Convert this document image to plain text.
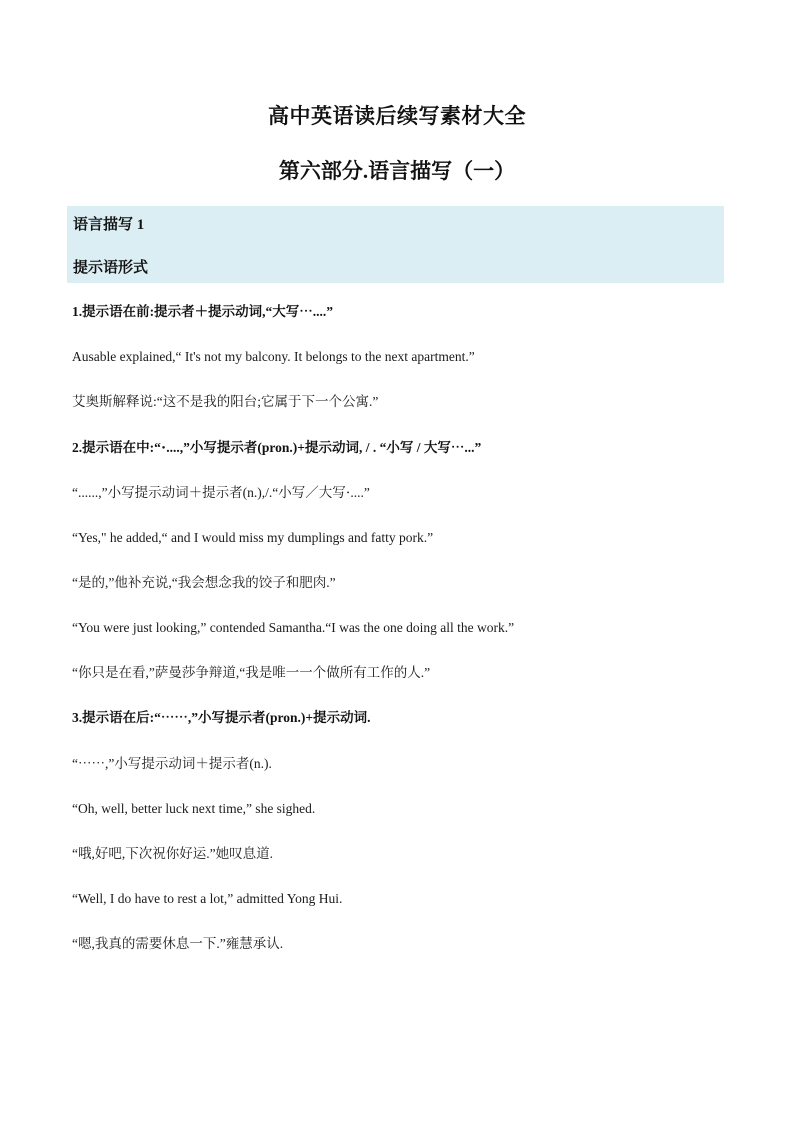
高中英语读后续写素材大全
第六部分.语言描写（一）
语言描写 1
提示语形式
1.提示语在前:提示者＋提示动词,“大写⋯....”
Ausable explained,“ It's not my balcony. It belongs to the next apartment.”
艾奥斯解释说:“这不是我的阳台;它属于下一个公寓.”
2.提示语在中:“⋅....,”小写提示者(pron.)+提示动词, / . “小写 / 大写⋯...”
“......,”小写提示动词＋提示者(n.),/.“小写／大写⋅....”
“Yes," he added,“ and I would miss my dumplings and fatty pork.”
“是的,”他补充说,“我会想念我的饺子和肥肉.”
“You were just looking,” contended Samantha.“I was the one doing all the work.”
“你只是在看,”萨曼莎争辩道,“我是唯一一个做所有工作的人.”
3.提示语在后:“⋯⋯,”小写提示者(pron.)+提示动词.
“⋯⋯,”小写提示动词＋提示者(n.).
“Oh, well, better luck next time,” she sighed.
“哦,好吧,下次祝你好运.”她叹息道.
“Well, I do have to rest a lot,” admitted Yong Hui.
“嗯,我真的需要休息一下.”雍慧承认.
